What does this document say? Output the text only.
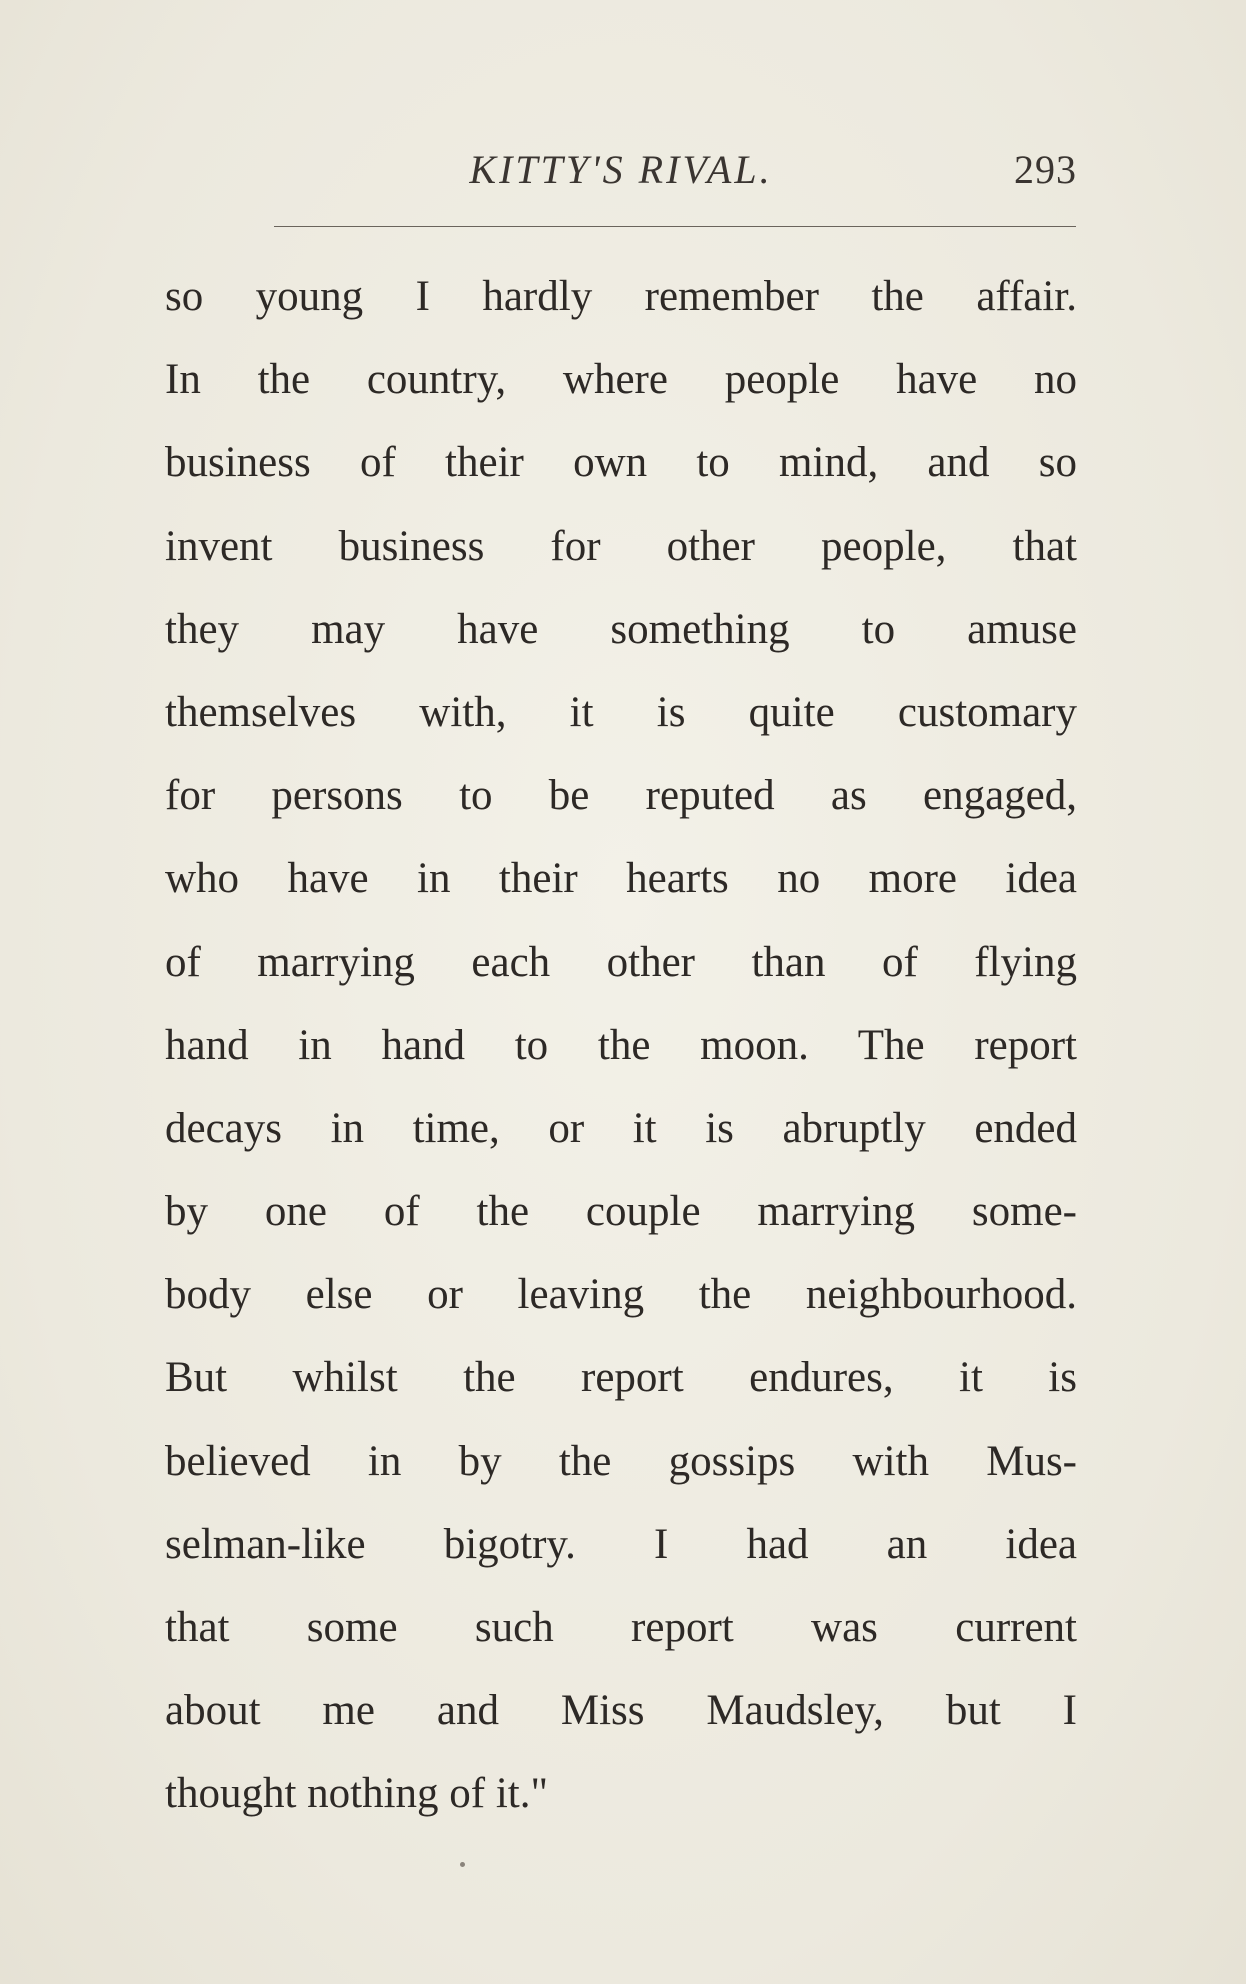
KITTY'S RIVAL.	293
so young I hardly remember the affair.
In the country, where people have no
business of their own to mind, and so
invent business for other people, that
they may have something to amuse
themselves with, it is quite customary
for persons to be reputed as engaged,
who have in their hearts no more idea
of marrying each other than of flying
hand in hand to the moon. The report
decays in time, or it is abruptly ended
by one of the couple marrying some-
body else or leaving the neighbourhood.
But whilst the report endures, it is
believed in by the gossips with Mus-
selman-like bigotry. I had an idea
that some such report was current
about me and Miss Maudsley, but I
thought nothing of it."
